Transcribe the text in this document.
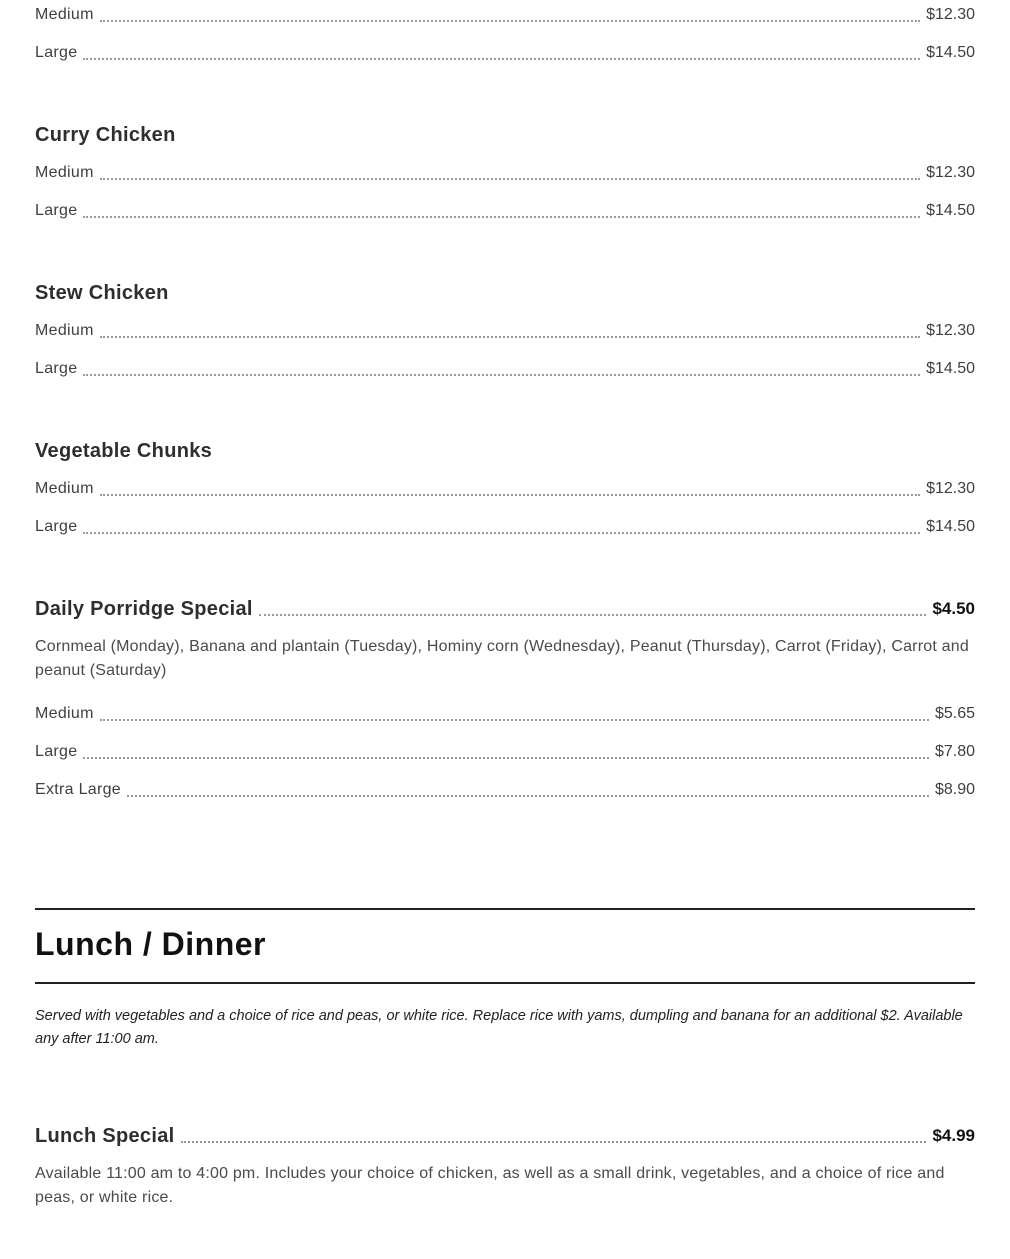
Medium	$12.30
Large	$14.50
Curry Chicken
Medium	$12.30
Large	$14.50
Stew Chicken
Medium	$12.30
Large	$14.50
Vegetable Chunks
Medium	$12.30
Large	$14.50
Daily Porridge Special	$4.50
Cornmeal (Monday), Banana and plantain (Tuesday), Hominy corn (Wednesday), Peanut (Thursday), Carrot (Friday), Carrot and peanut (Saturday)
Medium	$5.65
Large	$7.80
Extra Large	$8.90
Lunch / Dinner
Served with vegetables and a choice of rice and peas, or white rice. Replace rice with yams, dumpling and banana for an additional $2. Available any after 11:00 am.
Lunch Special	$4.99
Available 11:00 am to 4:00 pm. Includes your choice of chicken, as well as a small drink, vegetables, and a choice of rice and peas, or white rice.
